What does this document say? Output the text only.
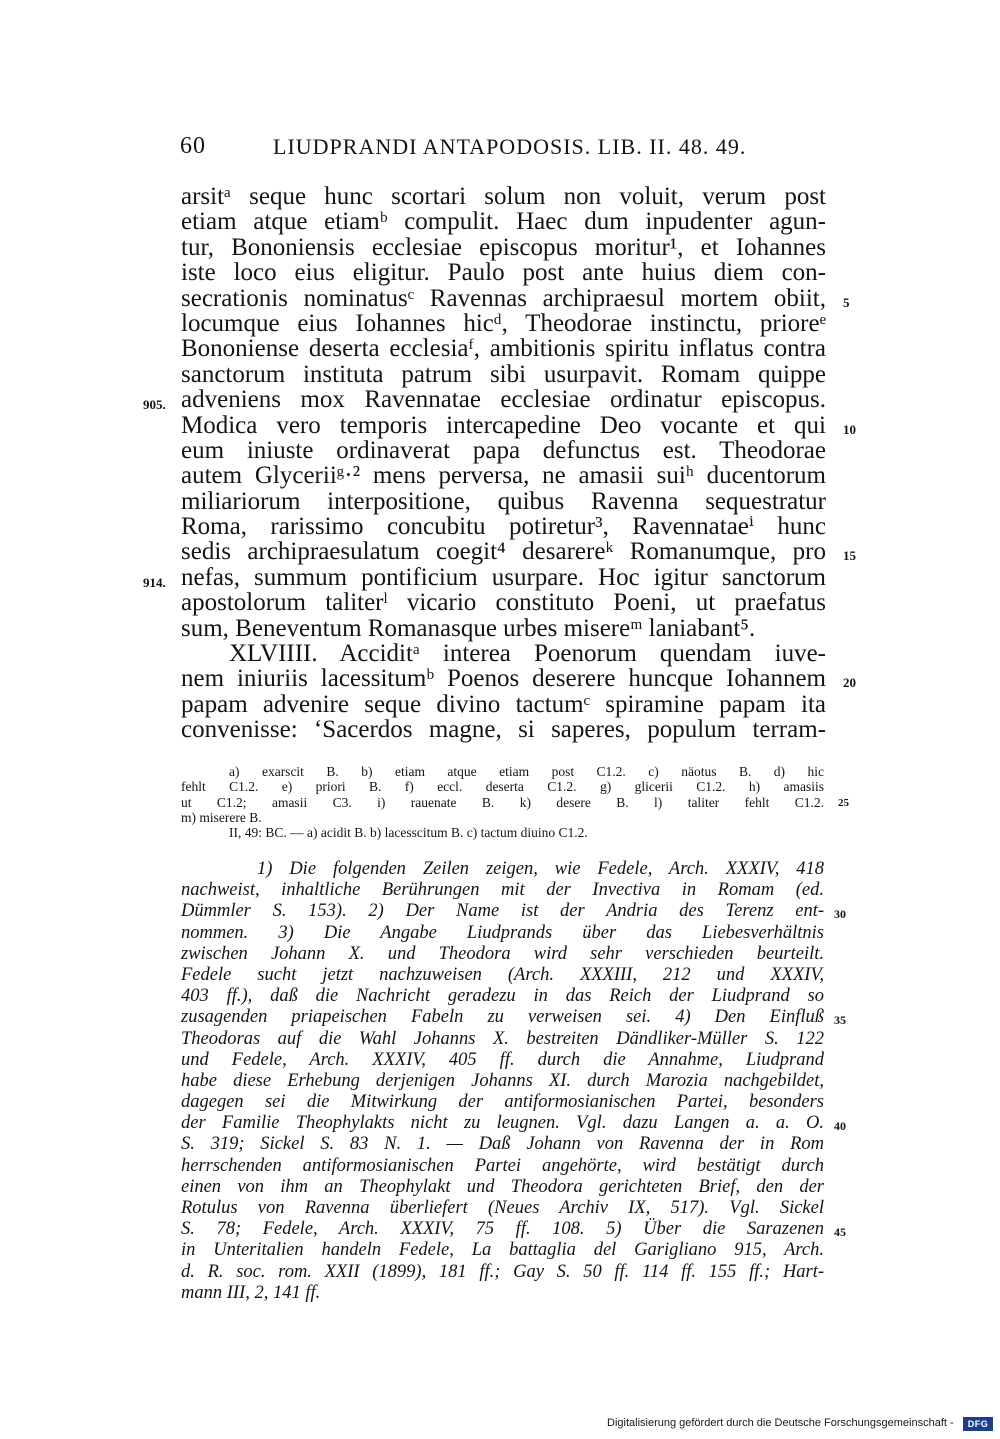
60	LIUDPRANDI ANTAPODOSIS. LIB. II. 48. 49.
arsitᵃ seque hunc scortari solum non voluit, verum post
etiam atque etiamᵇ compulit. Haec dum inpudenter agun-
tur, Bononiensis ecclesiae episcopus moritur¹, et Iohannes
iste loco eius eligitur. Paulo post ante huius diem con-
secrationis nominatusᶜ Ravennas archipraesul mortem obiit, 5
locumque eius Iohannes hicᵈ, Theodorae instinctu, prioreᵉ
Bononiense deserta ecclesiaᶠ, ambitionis spiritu inflatus contra
sanctorum instituta patrum sibi usurpavit. Romam quippe
adveniens mox Ravennatae ecclesiae ordinatur episcopus.
905.
Modica vero temporis intercapedine Deo vocante et qui 10
eum iniuste ordinaverat papa defunctus est. Theodorae
autem Glyceriiᵍ·² mens perversa, ne amasii suiʰ ducentorum
miliariorum interpositione, quibus Ravenna sequestratur
Roma, rarissimo concubitu potiretur³, Ravennataeⁱ hunc
sedis archipraesulatum coegit⁴ desarereᵏ Romanumque, pro 15
nefas, summum pontificium usurpare. Hoc igitur sanctorum
914.
apostolorum taliterˡ vicario constituto Poeni, ut praefatus
sum, Beneventum Romanasque urbes misereᵐ laniabant⁵.
XLVIIII. Acciditᵃ interea Poenorum quendam iuve-
nem iniuriis lacessitumᵇ Poenos deserere huncque Iohannem 20
papam advenire seque divino tactumᶜ spiramine papam ita
convenisse: ‘Sacerdos magne, si saperes, populum terram-
a) exarscit B. b) etiam atque etiam post C1.2. c) näotus B. d) hic
fehlt C1.2. e) priori B. f) eccl. deserta C1.2. g) glicerii C1.2. h) amasiis
ut C1.2; amasii C3. i) rauenate B. k) desere B. l) taliter fehlt C1.2. 25
m) miserere B.
II, 49: BC. — a) acidit B. b) lacesscitum B. c) tactum diuino C1.2.
1) Die folgenden Zeilen zeigen, wie Fedele, Arch. XXXIV, 418
nachweist, inhaltliche Berührungen mit der Invectiva in Romam (ed.
Dümmler S. 153). 2) Der Name ist der Andria des Terenz ent- 30
nommen. 3) Die Angabe Liudprands über das Liebesverhältnis
zwischen Johann X. und Theodora wird sehr verschieden beurteilt.
Fedele sucht jetzt nachzuweisen (Arch. XXXIII, 212 und XXXIV,
403 ff.), daß die Nachricht geradezu in das Reich der Liudprand so
zusagenden priapeischen Fabeln zu verweisen sei. 4) Den Einfluß 35
Theodoras auf die Wahl Johanns X. bestreiten Dändliker-Müller S. 122
und Fedele, Arch. XXXIV, 405 ff. durch die Annahme, Liudprand
habe diese Erhebung derjenigen Johanns XI. durch Marozia nachgebildet,
dagegen sei die Mitwirkung der antiformosianischen Partei, besonders
der Familie Theophylakts nicht zu leugnen. Vgl. dazu Langen a. a. O. 40
S. 319; Sickel S. 83 N. 1. — Daß Johann von Ravenna der in Rom
herrschenden antiformosianischen Partei angehörte, wird bestätigt durch
einen von ihm an Theophylakt und Theodora gerichteten Brief, den der
Rotulus von Ravenna überliefert (Neues Archiv IX, 517). Vgl. Sickel
S. 78; Fedele, Arch. XXXIV, 75 ff. 108. 5) Über die Sarazenen 45
in Unteritalien handeln Fedele, La battaglia del Garigliano 915, Arch.
d. R. soc. rom. XXII (1899), 181 ff.; Gay S. 50 ff. 114 ff. 155 ff.; Hart-
mann III, 2, 141 ff.
Digitalisierung gefördert durch die Deutsche Forschungsgemeinschaft -	DFG
